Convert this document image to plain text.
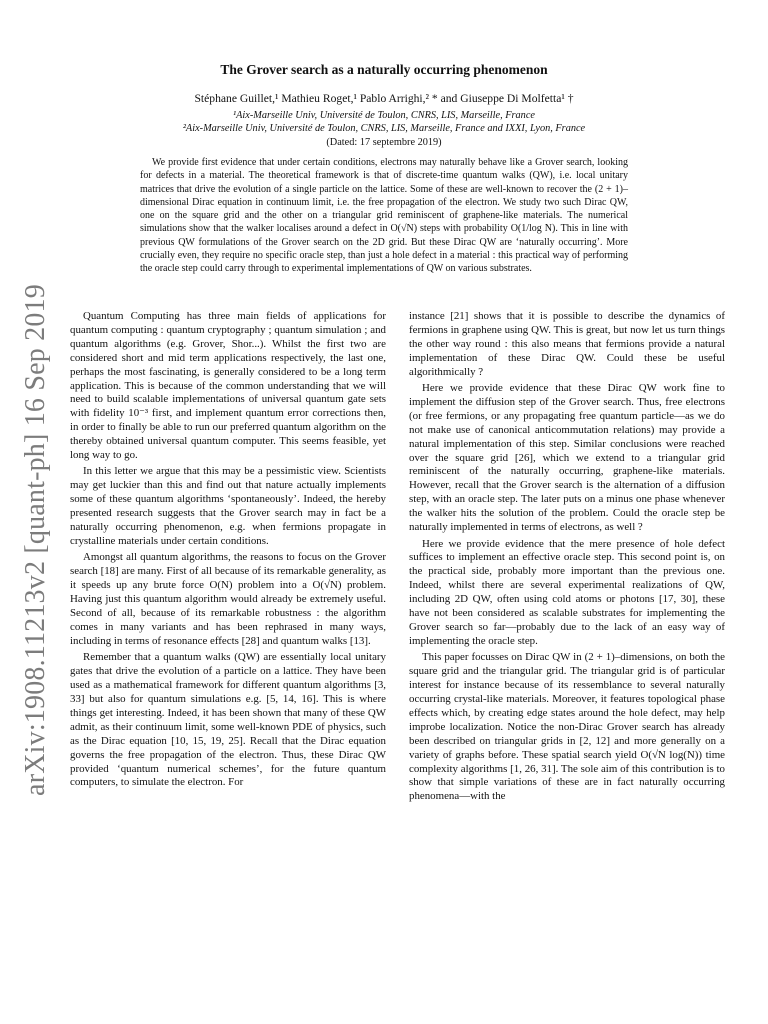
arXiv:1908.11213v2 [quant-ph] 16 Sep 2019
The Grover search as a naturally occurring phenomenon
Stéphane Guillet,¹ Mathieu Roget,¹ Pablo Arrighi,² * and Giuseppe Di Molfetta¹ †
¹Aix-Marseille Univ, Université de Toulon, CNRS, LIS, Marseille, France
²Aix-Marseille Univ, Université de Toulon, CNRS, LIS, Marseille, France and IXXI, Lyon, France
(Dated: 17 septembre 2019)

We provide first evidence that under certain conditions, electrons may naturally behave like a Grover search, looking for defects in a material. The theoretical framework is that of discrete-time quantum walks (QW), i.e. local unitary matrices that drive the evolution of a single particle on the lattice. Some of these are well-known to recover the (2 + 1)–dimensional Dirac equation in continuum limit, i.e. the free propagation of the electron. We study two such Dirac QW, one on the square grid and the other on a triangular grid reminiscent of graphene-like materials. The numerical simulations show that the walker localises around a defect in O(√N) steps with probability O(1/log N). This in line with previous QW formulations of the Grover search on the 2D grid. But these Dirac QW are ‘naturally occurring’. More crucially even, they require no specific oracle step, than just a hole defect in a material : this practical way of performing the oracle step could carry through to experimental implementations of QW on various substrates.

Quantum Computing has three main fields of applications for quantum computing : quantum cryptography ; quantum simulation ; and quantum algorithms (e.g. Grover, Shor...). Whilst the first two are considered short and mid term applications respectively, the last one, perhaps the most fascinating, is generally considered to be a long term application. This is because of the common understanding that we will need to build scalable implementations of universal quantum gate sets with fidelity 10⁻³ first, and implement quantum error corrections then, in order to finally be able to run our preferred quantum algorithm on the thereby obtained universal quantum computer. This seems feasible, yet long way to go.

In this letter we argue that this may be a pessimistic view. Scientists may get luckier than this and find out that nature actually implements some of these quantum algorithms ‘spontaneously’. Indeed, the hereby presented research suggests that the Grover search may in fact be a naturally occurring phenomenon, e.g. when fermions propagate in crystalline materials under certain conditions.

Amongst all quantum algorithms, the reasons to focus on the Grover search [18] are many. First of all because of its remarkable generality, as it speeds up any brute force O(N) problem into a O(√N) problem. Having just this quantum algorithm would already be extremely useful. Second of all, because of its remarkable robustness : the algorithm comes in many variants and has been rephrased in many ways, including in terms of resonance effects [28] and quantum walks [13].

Remember that a quantum walks (QW) are essentially local unitary gates that drive the evolution of a particle on a lattice. They have been used as a mathematical framework for different quantum algorithms [3, 33] but also for quantum simulations e.g. [5, 14, 16]. This is where things get interesting. Indeed, it has been shown that many of these QW admit, as their continuum limit, some well-known PDE of physics, such as the Dirac equation [10, 15, 19, 25]. Recall that the Dirac equation governs the free propagation of the electron. Thus, these Dirac QW provided ‘quantum numerical schemes’, for the future quantum computers, to simulate the electron. For

instance [21] shows that it is possible to describe the dynamics of fermions in graphene using QW. This is great, but now let us turn things the other way round : this also means that fermions provide a natural implementation of these Dirac QW. Could these be useful algorithmically ?

Here we provide evidence that these Dirac QW work fine to implement the diffusion step of the Grover search. Thus, free electrons (or free fermions, or any propagating free quantum particle—as we do not make use of canonical anticommutation relations) may provide a natural implementation of this step. Similar conclusions were reached over the square grid [26], which we extend to a triangular grid reminiscent of the naturally occurring, graphene-like materials. However, recall that the Grover search is the alternation of a diffusion step, with an oracle step. The later puts on a minus one phase whenever the walker hits the solution of the problem. Could the oracle step be naturally implemented in terms of electrons, as well ?

Here we provide evidence that the mere presence of hole defect suffices to implement an effective oracle step. This second point is, on the practical side, probably more important than the previous one. Indeed, whilst there are several experimental realizations of QW, including 2D QW, often using cold atoms or photons [17, 30], these have not been considered as scalable substrates for implementing the Grover search so far—probably due to the lack of an easy way of implementing the oracle step.

This paper focusses on Dirac QW in (2 + 1)–dimensions, on both the square grid and the triangular grid. The triangular grid is of particular interest for instance because of its ressemblance to several naturally occurring crystal-like materials. Moreover, it features topological phase effects which, by creating edge states around the hole defect, may help improbe localization. Notice the non-Dirac Grover search has already been described on triangular grids in [2, 12] and more generally on a variety of graphs before. These spatial search yield O(√N log(N)) time complexity algorithms [1, 26, 31]. The sole aim of this contribution is to show that simple variations of these are in fact naturally occurring phenomena—with the
